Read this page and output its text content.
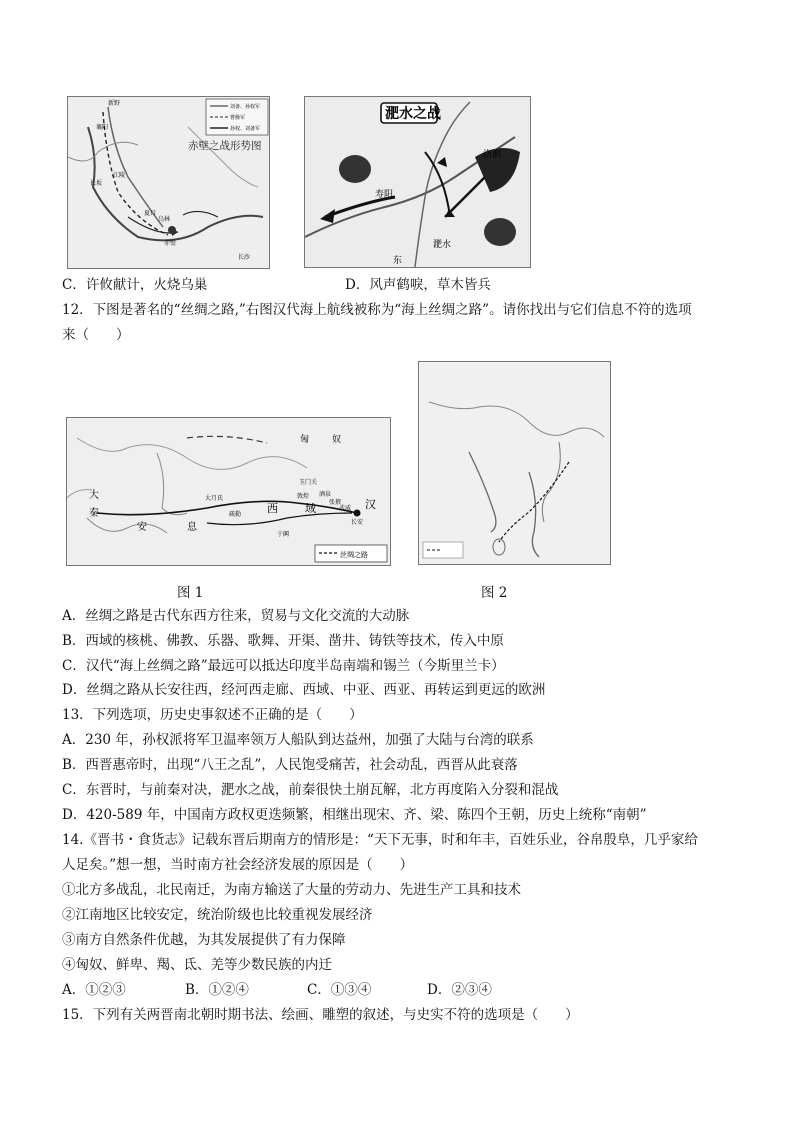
刘备、孙权军
曹操军
孙权、刘备军
赤壁之战形势图
新野
襄阳
江陵
长坂
乌林
夏口
赤壁
长沙
淝水之战
寿阳
洛涧
淝水
东
C．许攸献计，火烧乌巢	D．风声鹤唳，草木皆兵
12．下图是著名的“丝绸之路,”右图汉代海上航线被称为“海上丝绸之路”。请你找出与它们信息不符的选项
来（　　）
丝绸之路
匈	奴
大
秦
安	息
西 域	汉
长安
大月氏
玉门关
敦煌 酒泉
张掖
武威
于阗
疏勒
图 1	图 2
A．丝绸之路是古代东西方往来，贸易与文化交流的大动脉
B．西域的核桃、佛教、乐器、歌舞、开渠、凿井、铸铁等技术，传入中原
C．汉代“海上丝绸之路”最远可以抵达印度半岛南端和锡兰（今斯里兰卡）
D．丝绸之路从长安往西，经河西走廊、西域、中亚、西亚、再转运到更远的欧洲
13．下列选项，历史史事叙述不正确的是（　　）
A．230 年，孙权派将军卫温率领万人船队到达益州，加强了大陆与台湾的联系
B．西晋惠帝时，出现“八王之乱”，人民饱受痛苦，社会动乱，西晋从此衰落
C．东晋时，与前秦对决，淝水之战，前秦很快土崩瓦解，北方再度陷入分裂和混战
D．420-589 年，中国南方政权更迭频繁，相继出现宋、齐、梁、陈四个王朝，历史上统称“南朝”
14.《晋书・食货志》记载东晋后期南方的情形是：“天下无事，时和年丰，百姓乐业，谷帛殷阜，几乎家给
人足矣。”想一想，当时南方社会经济发展的原因是（　　）
①北方多战乱，北民南迁，为南方输送了大量的劳动力、先进生产工具和技术
②江南地区比较安定，统治阶级也比较重视发展经济
③南方自然条件优越，为其发展提供了有力保障
④匈奴、鲜卑、羯、氐、羌等少数民族的内迁
A．①②③	B．①②④	C．①③④	D．②③④
15．下列有关两晋南北朝时期书法、绘画、雕塑的叙述，与史实不符的选项是（　　）
